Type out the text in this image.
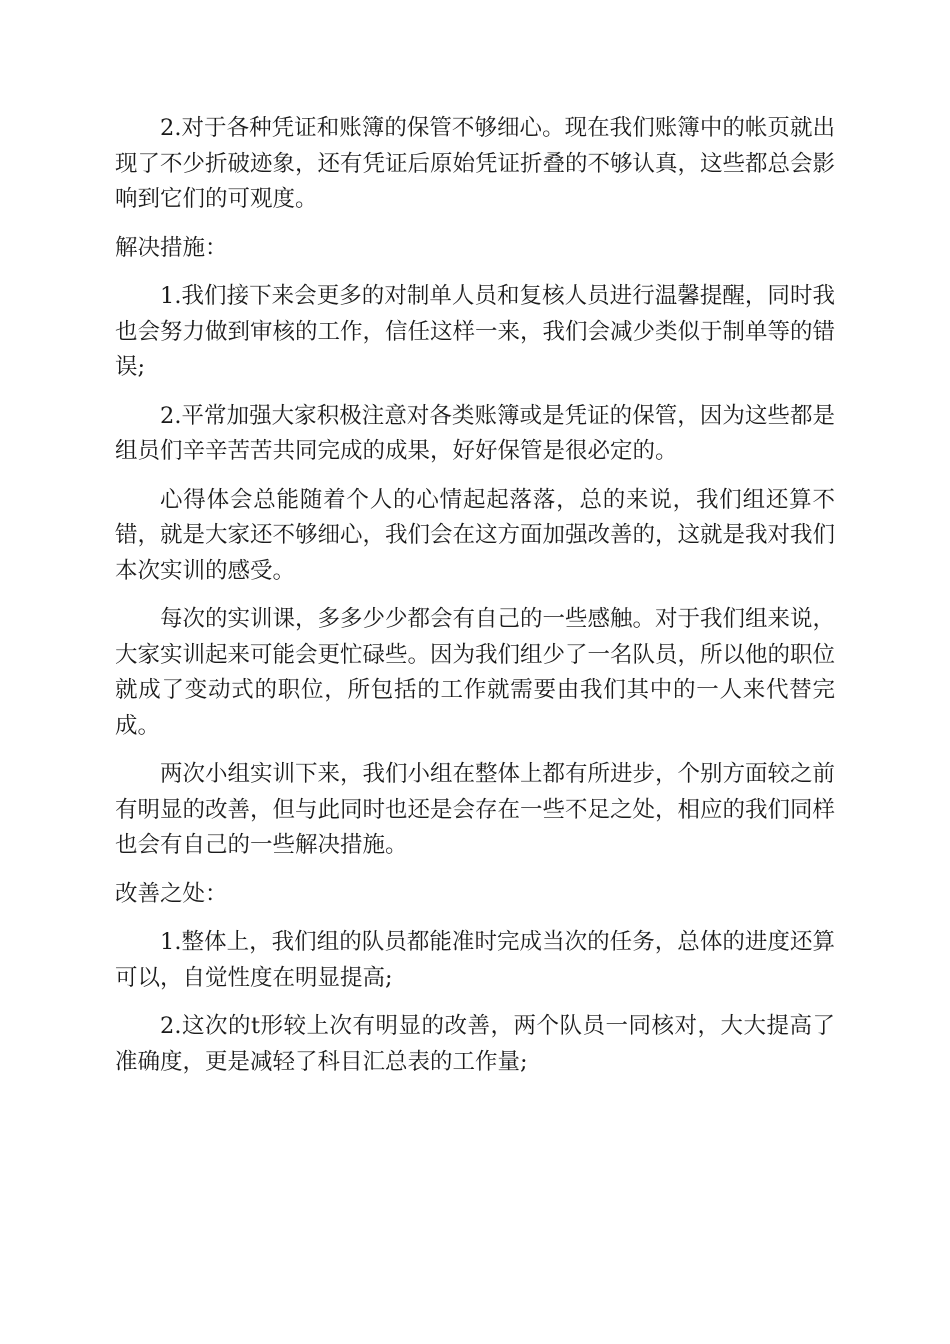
2.对于各种凭证和账簿的保管不够细心。现在我们账簿中的帐页就出现了不少折破迹象，还有凭证后原始凭证折叠的不够认真，这些都总会影响到它们的可观度。

解决措施：

1.我们接下来会更多的对制单人员和复核人员进行温馨提醒，同时我也会努力做到审核的工作，信任这样一来，我们会减少类似于制单等的错误;

2.平常加强大家积极注意对各类账簿或是凭证的保管，因为这些都是组员们辛辛苦苦共同完成的成果，好好保管是很必定的。

心得体会总能随着个人的心情起起落落，总的来说，我们组还算不错，就是大家还不够细心，我们会在这方面加强改善的，这就是我对我们本次实训的感受。

每次的实训课，多多少少都会有自己的一些感触。对于我们组来说，大家实训起来可能会更忙碌些。因为我们组少了一名队员，所以他的职位就成了变动式的职位，所包括的工作就需要由我们其中的一人来代替完成。

两次小组实训下来，我们小组在整体上都有所进步，个别方面较之前有明显的改善，但与此同时也还是会存在一些不足之处，相应的我们同样也会有自己的一些解决措施。

改善之处：

1.整体上，我们组的队员都能准时完成当次的任务，总体的进度还算可以，自觉性度在明显提高;

2.这次的t形较上次有明显的改善，两个队员一同核对，大大提高了准确度，更是减轻了科目汇总表的工作量;
